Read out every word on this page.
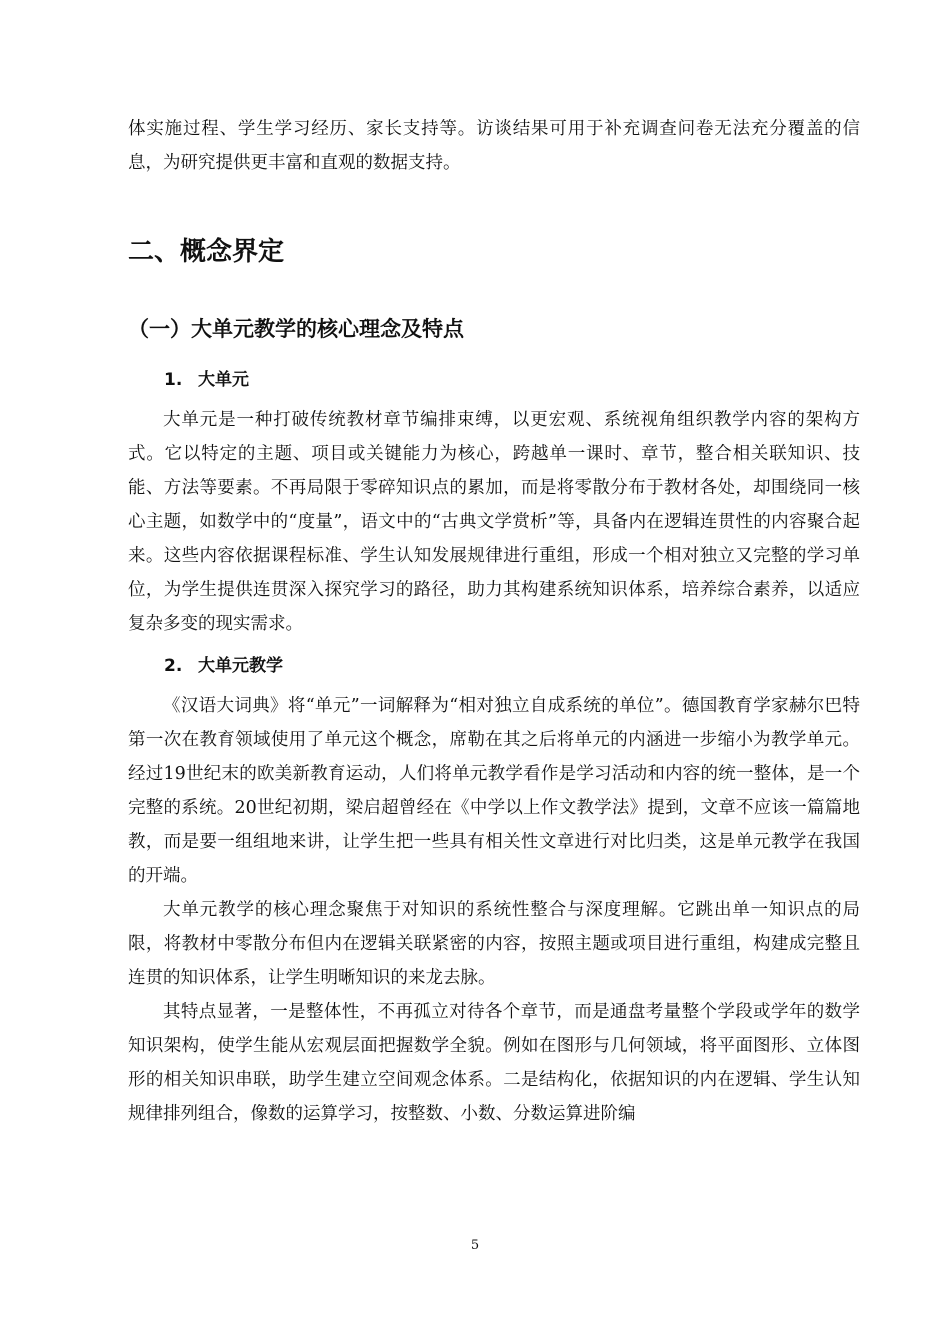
体实施过程、学生学习经历、家长支持等。访谈结果可用于补充调查问卷无法充分覆盖的信息，为研究提供更丰富和直观的数据支持。

二、概念界定
（一）大单元教学的核心理念及特点
1. 大单元

大单元是一种打破传统教材章节编排束缚，以更宏观、系统视角组织教学内容的架构方式。它以特定的主题、项目或关键能力为核心，跨越单一课时、章节，整合相关联知识、技能、方法等要素。不再局限于零碎知识点的累加，而是将零散分布于教材各处，却围绕同一核心主题，如数学中的“度量”，语文中的“古典文学赏析”等，具备内在逻辑连贯性的内容聚合起来。这些内容依据课程标准、学生认知发展规律进行重组，形成一个相对独立又完整的学习单位，为学生提供连贯深入探究学习的路径，助力其构建系统知识体系，培养综合素养，以适应复杂多变的现实需求。

2. 大单元教学

《汉语大词典》将“单元”一词解释为“相对独立自成系统的单位”。德国教育学家赫尔巴特第一次在教育领域使用了单元这个概念，席勒在其之后将单元的内涵进一步缩小为教学单元。经过19世纪末的欧美新教育运动，人们将单元教学看作是学习活动和内容的统一整体，是一个完整的系统。20世纪初期，梁启超曾经在《中学以上作文教学法》提到，文章不应该一篇篇地教，而是要一组组地来讲，让学生把一些具有相关性文章进行对比归类，这是单元教学在我国的开端。

大单元教学的核心理念聚焦于对知识的系统性整合与深度理解。它跳出单一知识点的局限，将教材中零散分布但内在逻辑关联紧密的内容，按照主题或项目进行重组，构建成完整且连贯的知识体系，让学生明晰知识的来龙去脉。

其特点显著，一是整体性，不再孤立对待各个章节，而是通盘考量整个学段或学年的数学知识架构，使学生能从宏观层面把握数学全貌。例如在图形与几何领域，将平面图形、立体图形的相关知识串联，助学生建立空间观念体系。二是结构化，依据知识的内在逻辑、学生认知规律排列组合，像数的运算学习，按整数、小数、分数运算进阶编

5
